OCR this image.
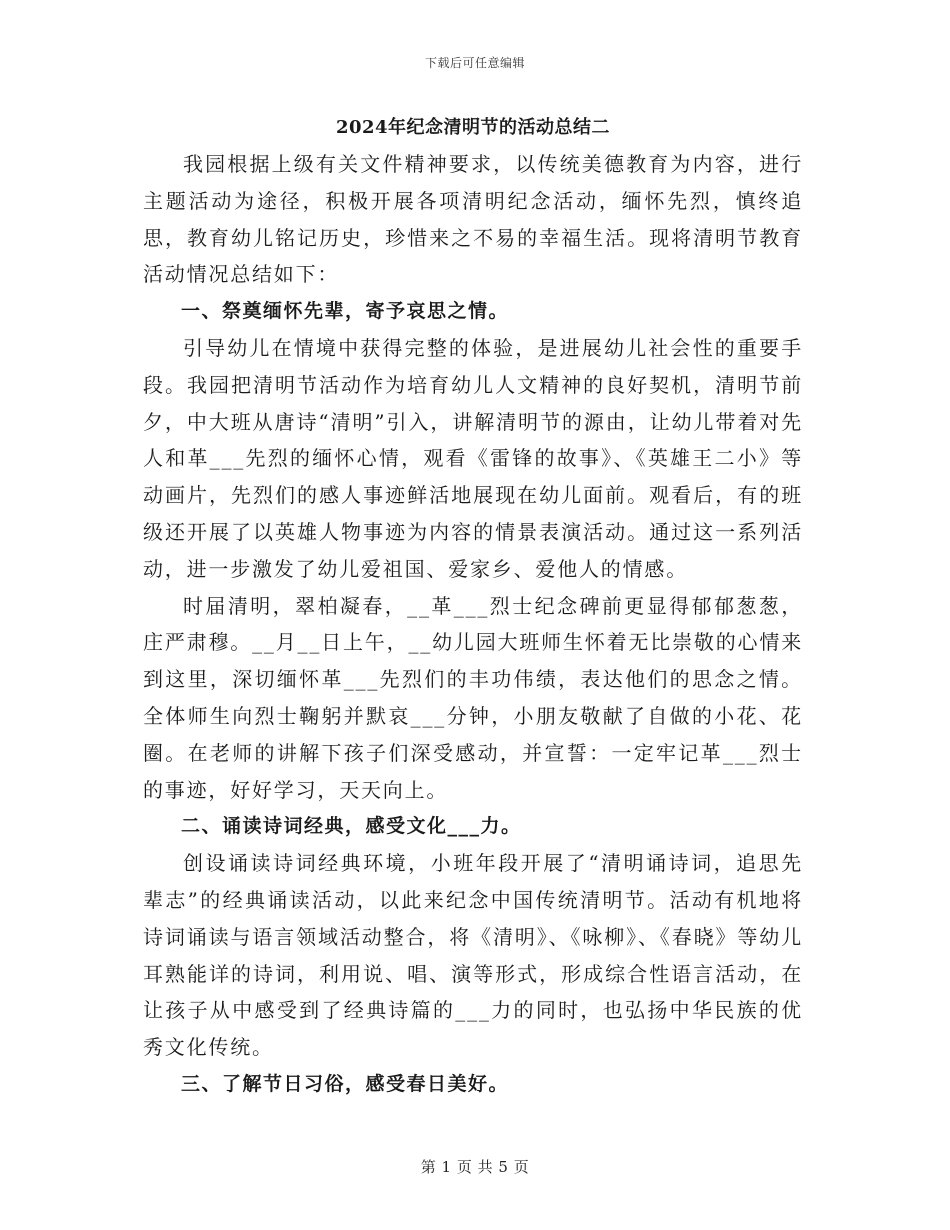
下载后可任意编辑
2024年纪念清明节的活动总结二

我园根据上级有关文件精神要求，以传统美德教育为内容，进行主题活动为途径，积极开展各项清明纪念活动，缅怀先烈，慎终追思，教育幼儿铭记历史，珍惜来之不易的幸福生活。现将清明节教育活动情况总结如下：

一、祭奠缅怀先辈，寄予哀思之情。

引导幼儿在情境中获得完整的体验，是进展幼儿社会性的重要手段。我园把清明节活动作为培育幼儿人文精神的良好契机，清明节前夕，中大班从唐诗“清明”引入，讲解清明节的源由，让幼儿带着对先人和革___先烈的缅怀心情，观看《雷锋的故事》、《英雄王二小》等动画片，先烈们的感人事迹鲜活地展现在幼儿面前。观看后，有的班级还开展了以英雄人物事迹为内容的情景表演活动。通过这一系列活动，进一步激发了幼儿爱祖国、爱家乡、爱他人的情感。

时届清明，翠柏凝春，__革___烈士纪念碑前更显得郁郁葱葱，庄严肃穆。__月__日上午，__幼儿园大班师生怀着无比崇敬的心情来到这里，深切缅怀革___先烈们的丰功伟绩，表达他们的思念之情。全体师生向烈士鞠躬并默哀___分钟，小朋友敬献了自做的小花、花圈。在老师的讲解下孩子们深受感动，并宣誓：一定牢记革___烈士的事迹，好好学习，天天向上。

二、诵读诗词经典，感受文化___力。

创设诵读诗词经典环境，小班年段开展了“清明诵诗词，追思先辈志”的经典诵读活动，以此来纪念中国传统清明节。活动有机地将诗词诵读与语言领域活动整合，将《清明》、《咏柳》、《春晓》等幼儿耳熟能详的诗词，利用说、唱、演等形式，形成综合性语言活动，在让孩子从中感受到了经典诗篇的___力的同时，也弘扬中华民族的优秀文化传统。

三、了解节日习俗，感受春日美好。

第 1 页 共 5 页
